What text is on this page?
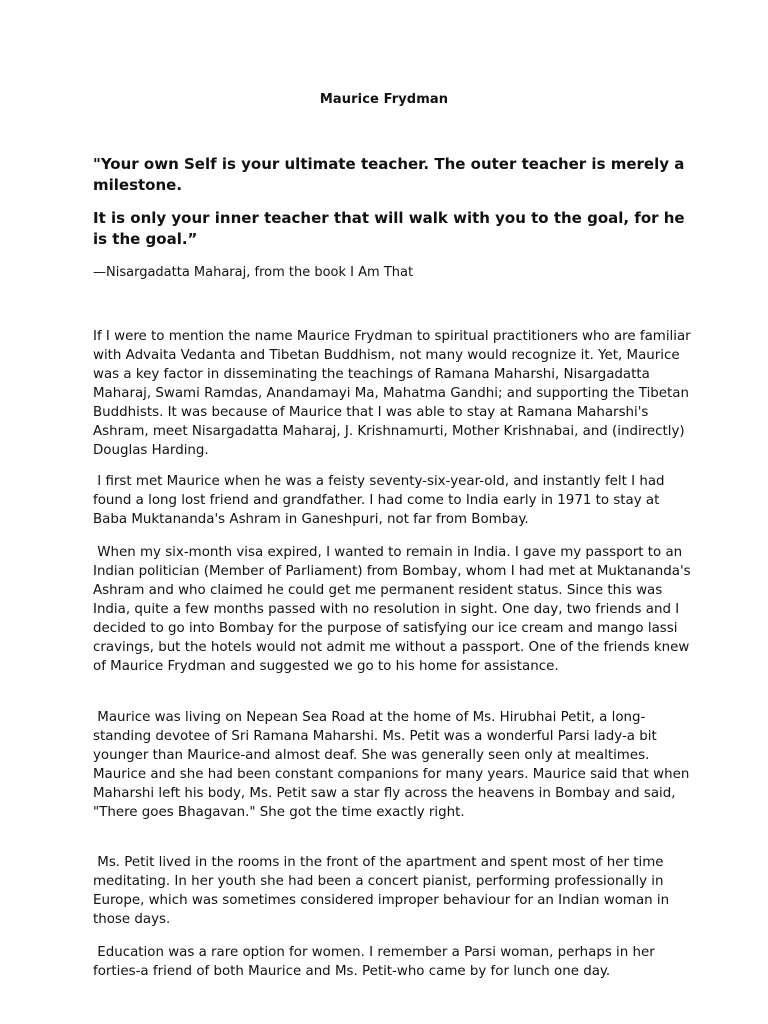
Maurice Frydman

"Your own Self is your ultimate teacher. The outer teacher is merely a milestone.

It is only your inner teacher that will walk with you to the goal, for he is the goal.”

—Nisargadatta Maharaj, from the book I Am That

If I were to mention the name Maurice Frydman to spiritual practitioners who are familiar with Advaita Vedanta and Tibetan Buddhism, not many would recognize it. Yet, Maurice was a key factor in disseminating the teachings of Ramana Maharshi, Nisargadatta Maharaj, Swami Ramdas, Anandamayi Ma, Mahatma Gandhi; and supporting the Tibetan Buddhists. It was because of Maurice that I was able to stay at Ramana Maharshi's Ashram, meet Nisargadatta Maharaj, J. Krishnamurti, Mother Krishnabai, and (indirectly) Douglas Harding.

I first met Maurice when he was a feisty seventy-six-year-old, and instantly felt I had found a long lost friend and grandfather. I had come to India early in 1971 to stay at Baba Muktananda's Ashram in Ganeshpuri, not far from Bombay.

When my six-month visa expired, I wanted to remain in India. I gave my passport to an Indian politician (Member of Parliament) from Bombay, whom I had met at Muktananda's Ashram and who claimed he could get me permanent resident status. Since this was India, quite a few months passed with no resolution in sight. One day, two friends and I decided to go into Bombay for the purpose of satisfying our ice cream and mango lassi cravings, but the hotels would not admit me without a passport. One of the friends knew of Maurice Frydman and suggested we go to his home for assistance.

Maurice was living on Nepean Sea Road at the home of Ms. Hirubhai Petit, a long-standing devotee of Sri Ramana Maharshi. Ms. Petit was a wonderful Parsi lady-a bit younger than Maurice-and almost deaf. She was generally seen only at mealtimes. Maurice and she had been constant companions for many years. Maurice said that when Maharshi left his body, Ms. Petit saw a star fly across the heavens in Bombay and said, "There goes Bhagavan." She got the time exactly right.

Ms. Petit lived in the rooms in the front of the apartment and spent most of her time meditating. In her youth she had been a concert pianist, performing professionally in Europe, which was sometimes considered improper behaviour for an Indian woman in those days.

Education was a rare option for women. I remember a Parsi woman, perhaps in her forties-a friend of both Maurice and Ms. Petit-who came by for lunch one day.
